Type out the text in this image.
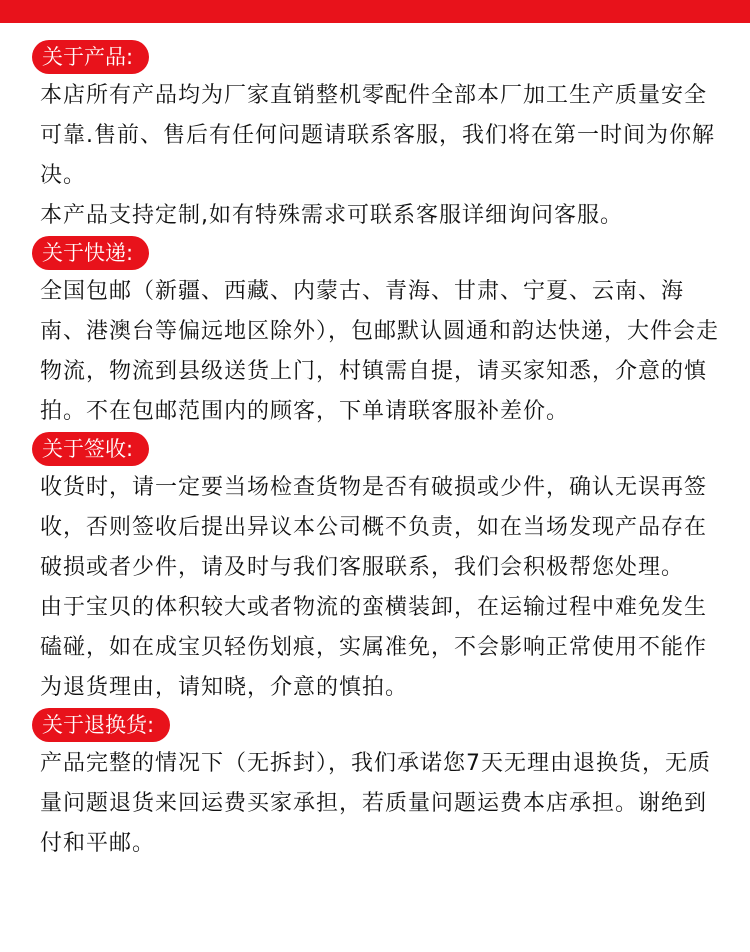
关于产品:

本店所有产品均为厂家直销整机零配件全部本厂加工生产质量安全可靠.售前、售后有任何问题请联系客服，我们将在第一时间为你解决。

本产品支持定制,如有特殊需求可联系客服详细询问客服。

关于快递:

全国包邮（新疆、西藏、内蒙古、青海、甘肃、宁夏、云南、海南、港澳台等偏远地区除外），包邮默认圆通和韵达快递，大件会走物流，物流到县级送货上门，村镇需自提，请买家知悉，介意的慎拍。不在包邮范围内的顾客，下单请联客服补差价。

关于签收:

收货时，请一定要当场检查货物是否有破损或少件，确认无误再签收，否则签收后提出异议本公司概不负责，如在当场发现产品存在破损或者少件，请及时与我们客服联系，我们会积极帮您处理。

由于宝贝的体积较大或者物流的蛮横装卸，在运输过程中难免发生磕碰，如在成宝贝轻伤划痕，实属准免，不会影响正常使用不能作为退货理由，请知晓，介意的慎拍。

关于退换货:

产品完整的情况下（无拆封），我们承诺您7天无理由退换货，无质量问题退货来回运费买家承担，若质量问题运费本店承担。谢绝到付和平邮。
